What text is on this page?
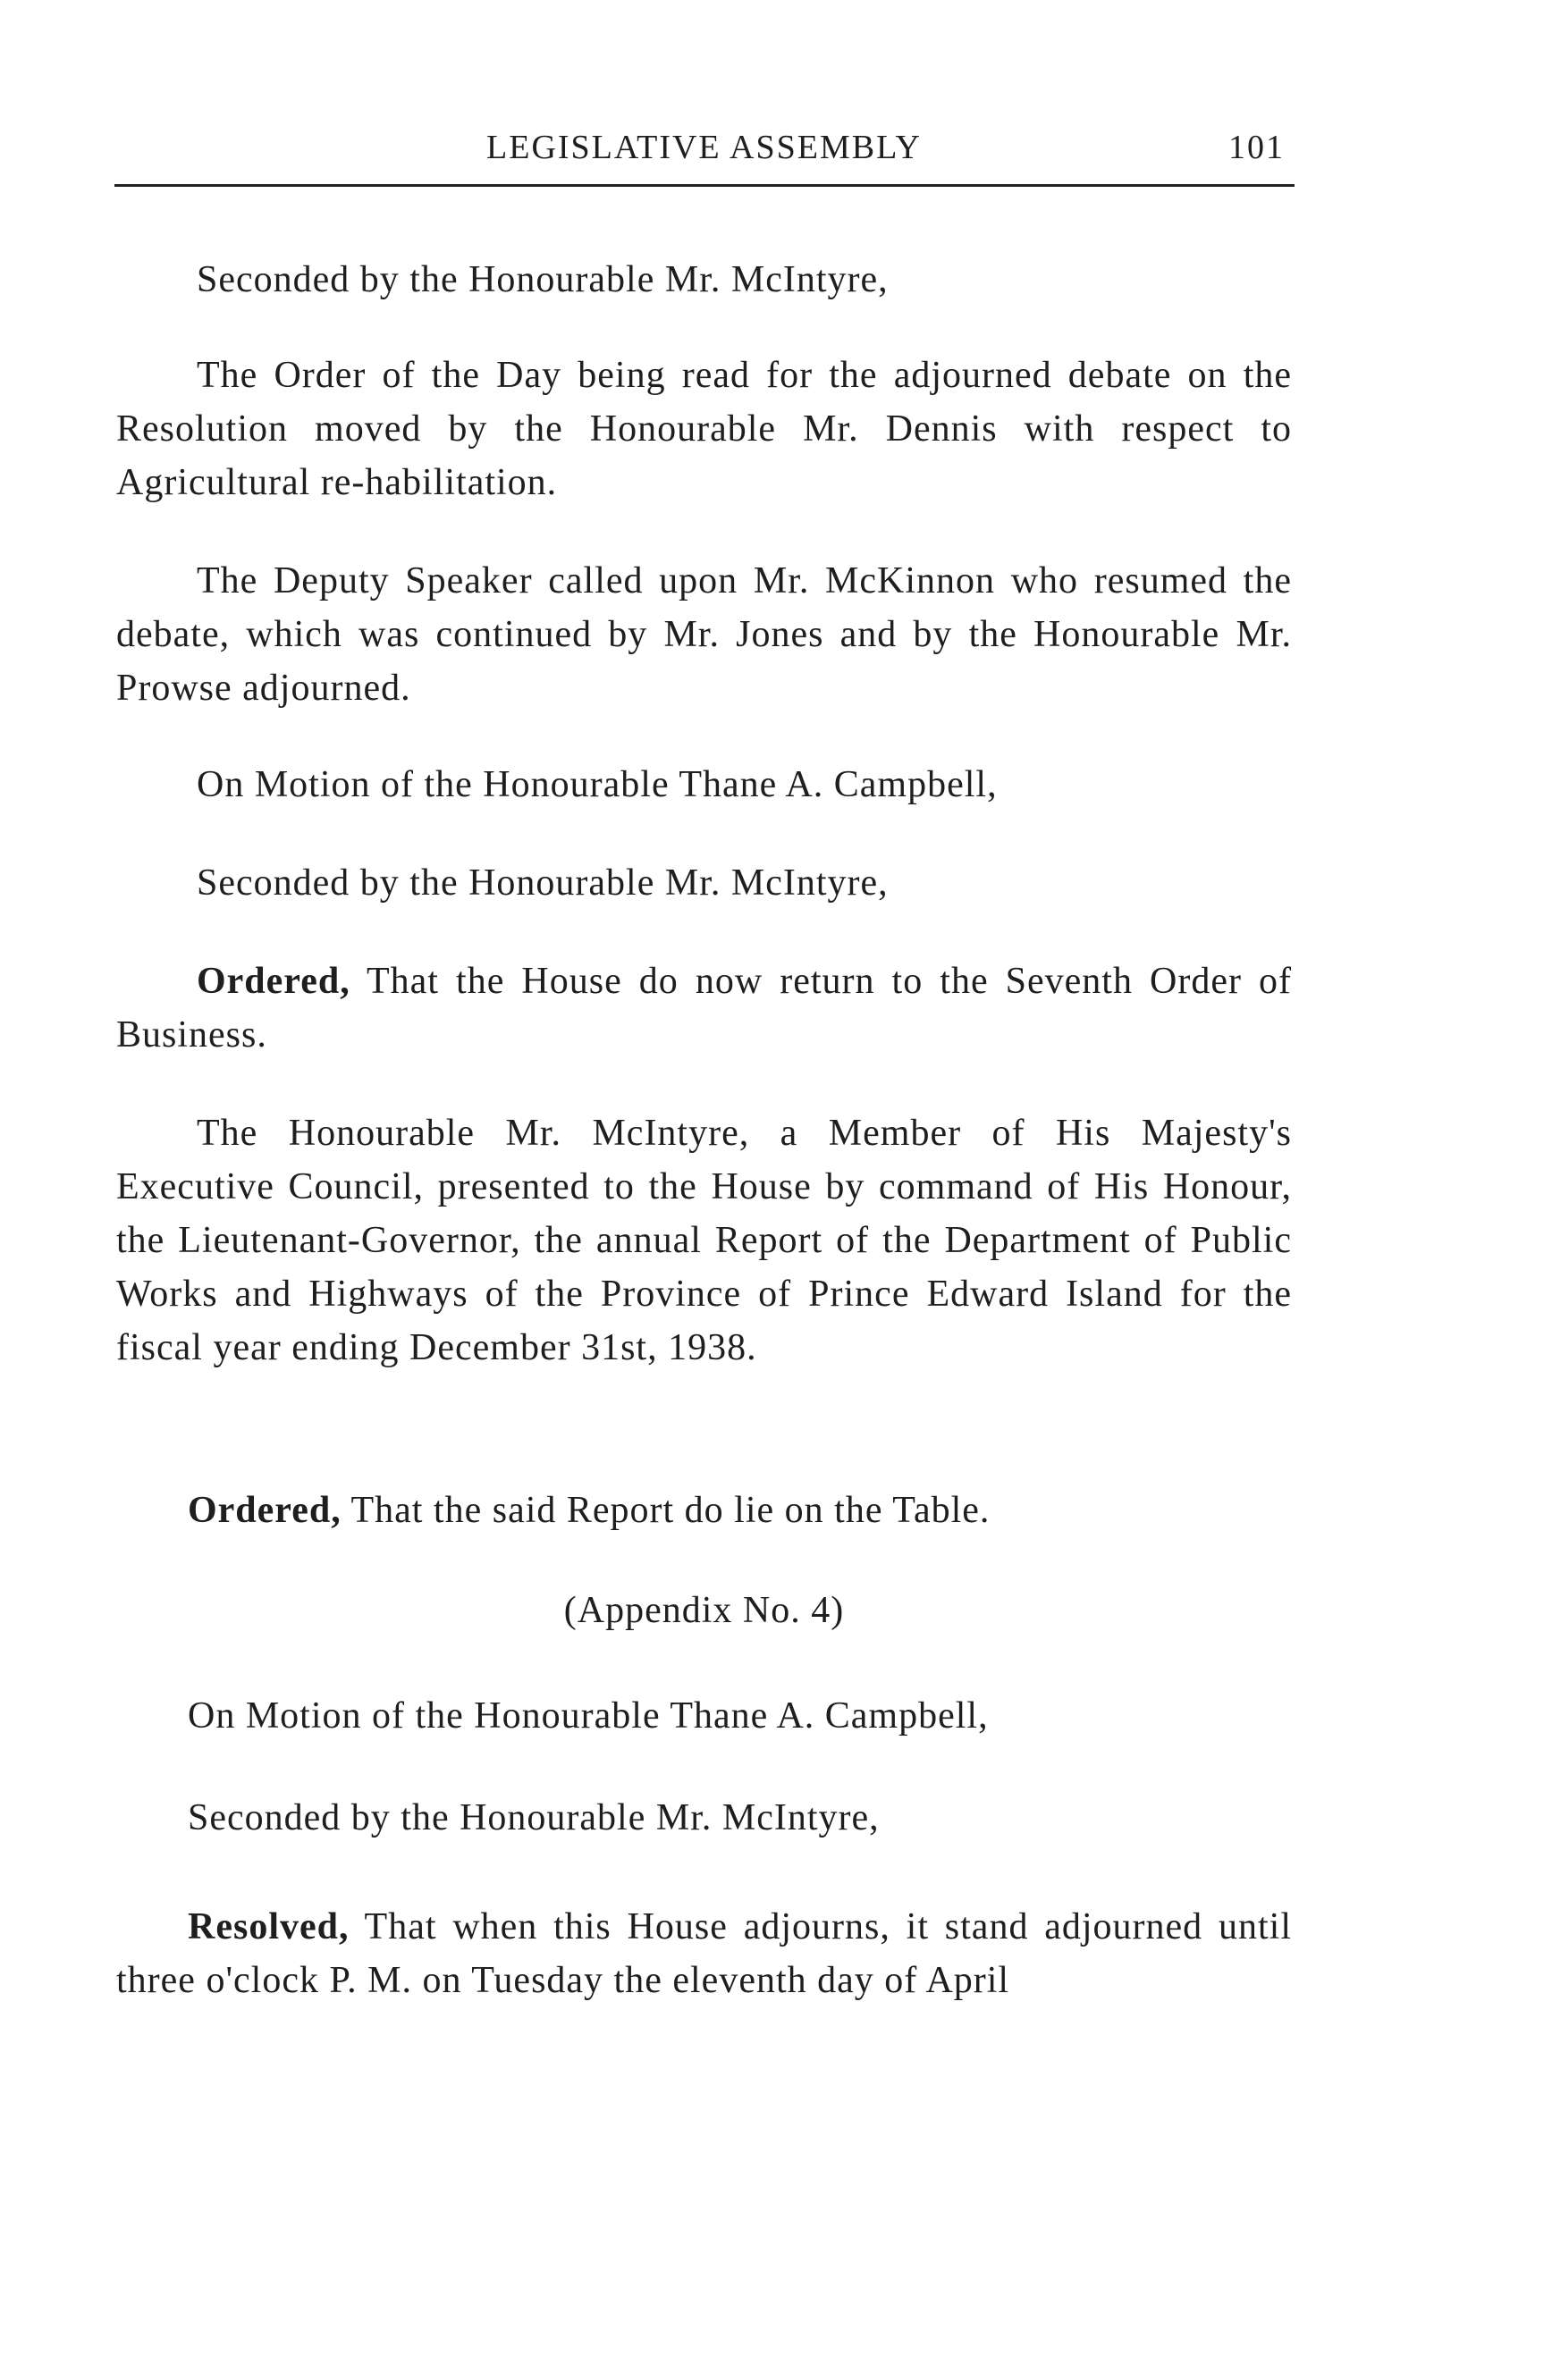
LEGISLATIVE ASSEMBLY	101

Seconded by the Honourable Mr. McIntyre,

The Order of the Day being read for the adjourned debate on the Resolution moved by the Honourable Mr. Dennis with respect to Agricultural re-habilitation.

The Deputy Speaker called upon Mr. McKinnon who resumed the debate, which was continued by Mr. Jones and by the Honourable Mr. Prowse adjourned.

On Motion of the Honourable Thane A. Campbell,

Seconded by the Honourable Mr. McIntyre,

Ordered, That the House do now return to the Seventh Order of Business.

The Honourable Mr. McIntyre, a Member of His Majesty's Executive Council, presented to the House by command of His Honour, the Lieutenant-Governor, the annual Report of the Department of Public Works and Highways of the Province of Prince Edward Island for the fiscal year ending December 31st, 1938.

Ordered, That the said Report do lie on the Table.

(Appendix No. 4)

On Motion of the Honourable Thane A. Campbell,

Seconded by the Honourable Mr. McIntyre,

Resolved, That when this House adjourns, it stand adjourned until three o'clock P. M. on Tuesday the eleventh day of April
